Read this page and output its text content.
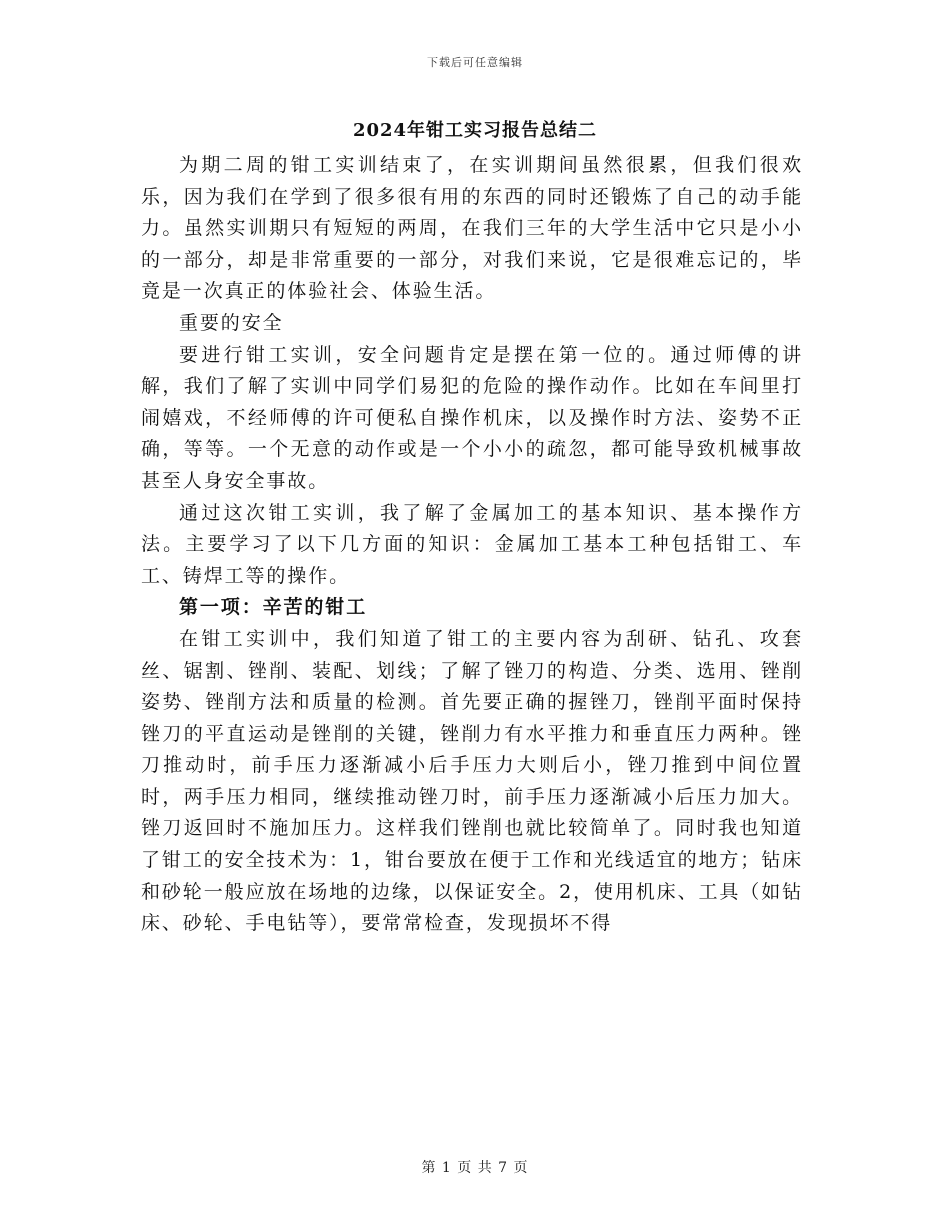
下载后可任意编辑
2024年钳工实习报告总结二

为期二周的钳工实训结束了，在实训期间虽然很累，但我们很欢乐，因为我们在学到了很多很有用的东西的同时还锻炼了自己的动手能力。虽然实训期只有短短的两周，在我们三年的大学生活中它只是小小的一部分，却是非常重要的一部分，对我们来说，它是很难忘记的，毕竟是一次真正的体验社会、体验生活。

重要的安全

要进行钳工实训，安全问题肯定是摆在第一位的。通过师傅的讲解，我们了解了实训中同学们易犯的危险的操作动作。比如在车间里打闹嬉戏，不经师傅的许可便私自操作机床，以及操作时方法、姿势不正确，等等。一个无意的动作或是一个小小的疏忽，都可能导致机械事故甚至人身安全事故。

通过这次钳工实训，我了解了金属加工的基本知识、基本操作方法。主要学习了以下几方面的知识：金属加工基本工种包括钳工、车工、铸焊工等的操作。

第一项：辛苦的钳工

在钳工实训中，我们知道了钳工的主要内容为刮研、钻孔、攻套丝、锯割、锉削、装配、划线；了解了锉刀的构造、分类、选用、锉削姿势、锉削方法和质量的检测。首先要正确的握锉刀，锉削平面时保持锉刀的平直运动是锉削的关键，锉削力有水平推力和垂直压力两种。锉刀推动时，前手压力逐渐减小后手压力大则后小，锉刀推到中间位置时，两手压力相同，继续推动锉刀时，前手压力逐渐减小后压力加大。锉刀返回时不施加压力。这样我们锉削也就比较简单了。同时我也知道了钳工的安全技术为：1，钳台要放在便于工作和光线适宜的地方；钻床和砂轮一般应放在场地的边缘，以保证安全。2，使用机床、工具（如钻床、砂轮、手电钻等），要常常检查，发现损坏不得

第 1 页 共 7 页
